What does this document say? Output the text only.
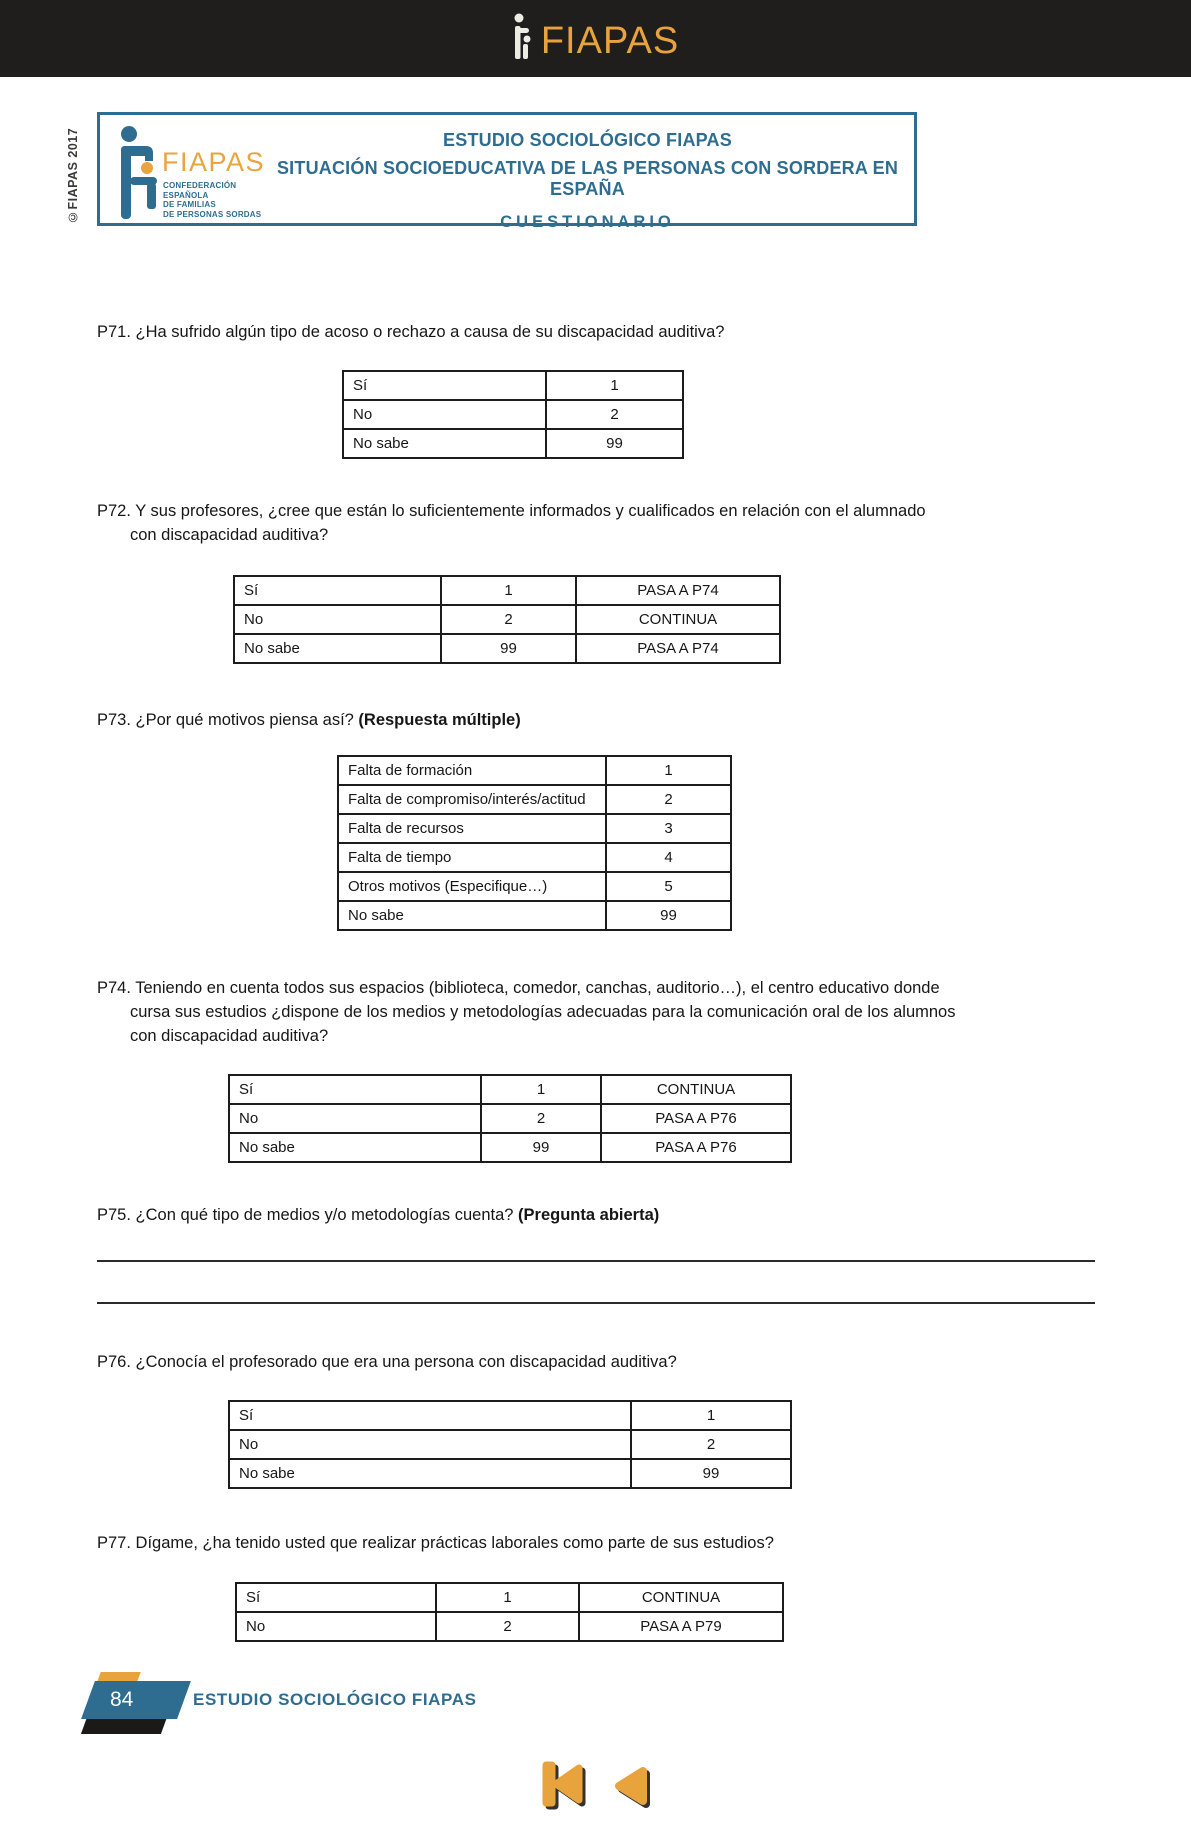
FIAPAS
©FIAPAS 2017	FIAPAS
CONFEDERACIÓN
ESPAÑOLA
DE FAMILIAS
DE PERSONAS SORDAS
ESTUDIO SOCIOLÓGICO FIAPAS
SITUACIÓN SOCIOEDUCATIVA DE LAS PERSONAS CON SORDERA EN ESPAÑA
CUESTIONARIO
P71. ¿Ha sufrido algún tipo de acoso o rechazo a causa de su discapacidad auditiva?
Sí	1
No	2
No sabe	99
P72. Y sus profesores, ¿cree que están lo suficientemente informados y cualificados en relación con el alumnado
con discapacidad auditiva?
Sí	1	PASA A P74
No	2	CONTINUA
No sabe	99	PASA A P74
P73. ¿Por qué motivos piensa así? (Respuesta múltiple)
Falta de formación	1
Falta de compromiso/interés/actitud	2
Falta de recursos	3
Falta de tiempo	4
Otros motivos (Especifique…)	5
No sabe	99
P74. Teniendo en cuenta todos sus espacios (biblioteca, comedor, canchas, auditorio…), el centro educativo donde
cursa sus estudios ¿dispone de los medios y metodologías adecuadas para la comunicación oral de los alumnos
con discapacidad auditiva?
Sí	1	CONTINUA
No	2	PASA A P76
No sabe	99	PASA A P76
P75. ¿Con qué tipo de medios y/o metodologías cuenta? (Pregunta abierta)
P76. ¿Conocía el profesorado que era una persona con discapacidad auditiva?
Sí	1
No	2
No sabe	99
P77. Dígame, ¿ha tenido usted que realizar prácticas laborales como parte de sus estudios?
Sí	1	CONTINUA
No	2	PASA A P79
84	ESTUDIO SOCIOLÓGICO FIAPAS
